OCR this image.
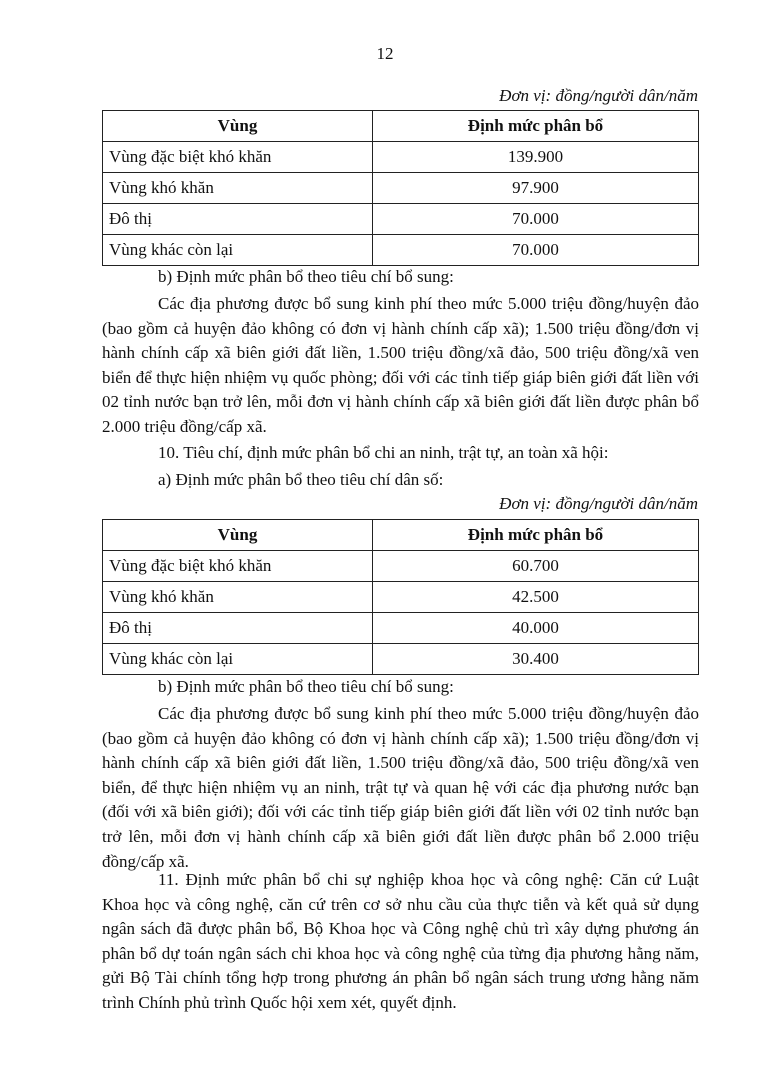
12
Đơn vị: đồng/người dân/năm
Vùng	Định mức phân bổ
Vùng đặc biệt khó khăn	139.900
Vùng khó khăn	97.900
Đô thị	70.000
Vùng khác còn lại	70.000

b) Định mức phân bổ theo tiêu chí bổ sung:

Các địa phương được bổ sung kinh phí theo mức 5.000 triệu đồng/huyện đảo (bao gồm cả huyện đảo không có đơn vị hành chính cấp xã); 1.500 triệu đồng/đơn vị hành chính cấp xã biên giới đất liền, 1.500 triệu đồng/xã đảo, 500 triệu đồng/xã ven biển để thực hiện nhiệm vụ quốc phòng; đối với các tỉnh tiếp giáp biên giới đất liền với 02 tỉnh nước bạn trở lên, mỗi đơn vị hành chính cấp xã biên giới đất liền được phân bổ 2.000 triệu đồng/cấp xã.

10. Tiêu chí, định mức phân bổ chi an ninh, trật tự, an toàn xã hội:

a) Định mức phân bổ theo tiêu chí dân số:

Đơn vị: đồng/người dân/năm
Vùng	Định mức phân bổ
Vùng đặc biệt khó khăn	60.700
Vùng khó khăn	42.500
Đô thị	40.000
Vùng khác còn lại	30.400

b) Định mức phân bổ theo tiêu chí bổ sung:

Các địa phương được bổ sung kinh phí theo mức 5.000 triệu đồng/huyện đảo (bao gồm cả huyện đảo không có đơn vị hành chính cấp xã); 1.500 triệu đồng/đơn vị hành chính cấp xã biên giới đất liền, 1.500 triệu đồng/xã đảo, 500 triệu đồng/xã ven biển, để thực hiện nhiệm vụ an ninh, trật tự và quan hệ với các địa phương nước bạn (đối với xã biên giới); đối với các tỉnh tiếp giáp biên giới đất liền với 02 tỉnh nước bạn trở lên, mỗi đơn vị hành chính cấp xã biên giới đất liền được phân bổ 2.000 triệu đồng/cấp xã.

11. Định mức phân bổ chi sự nghiệp khoa học và công nghệ: Căn cứ Luật Khoa học và công nghệ, căn cứ trên cơ sở nhu cầu của thực tiễn và kết quả sử dụng ngân sách đã được phân bổ, Bộ Khoa học và Công nghệ chủ trì xây dựng phương án phân bổ dự toán ngân sách chi khoa học và công nghệ của từng địa phương hằng năm, gửi Bộ Tài chính tổng hợp trong phương án phân bổ ngân sách trung ương hằng năm trình Chính phủ trình Quốc hội xem xét, quyết định.
